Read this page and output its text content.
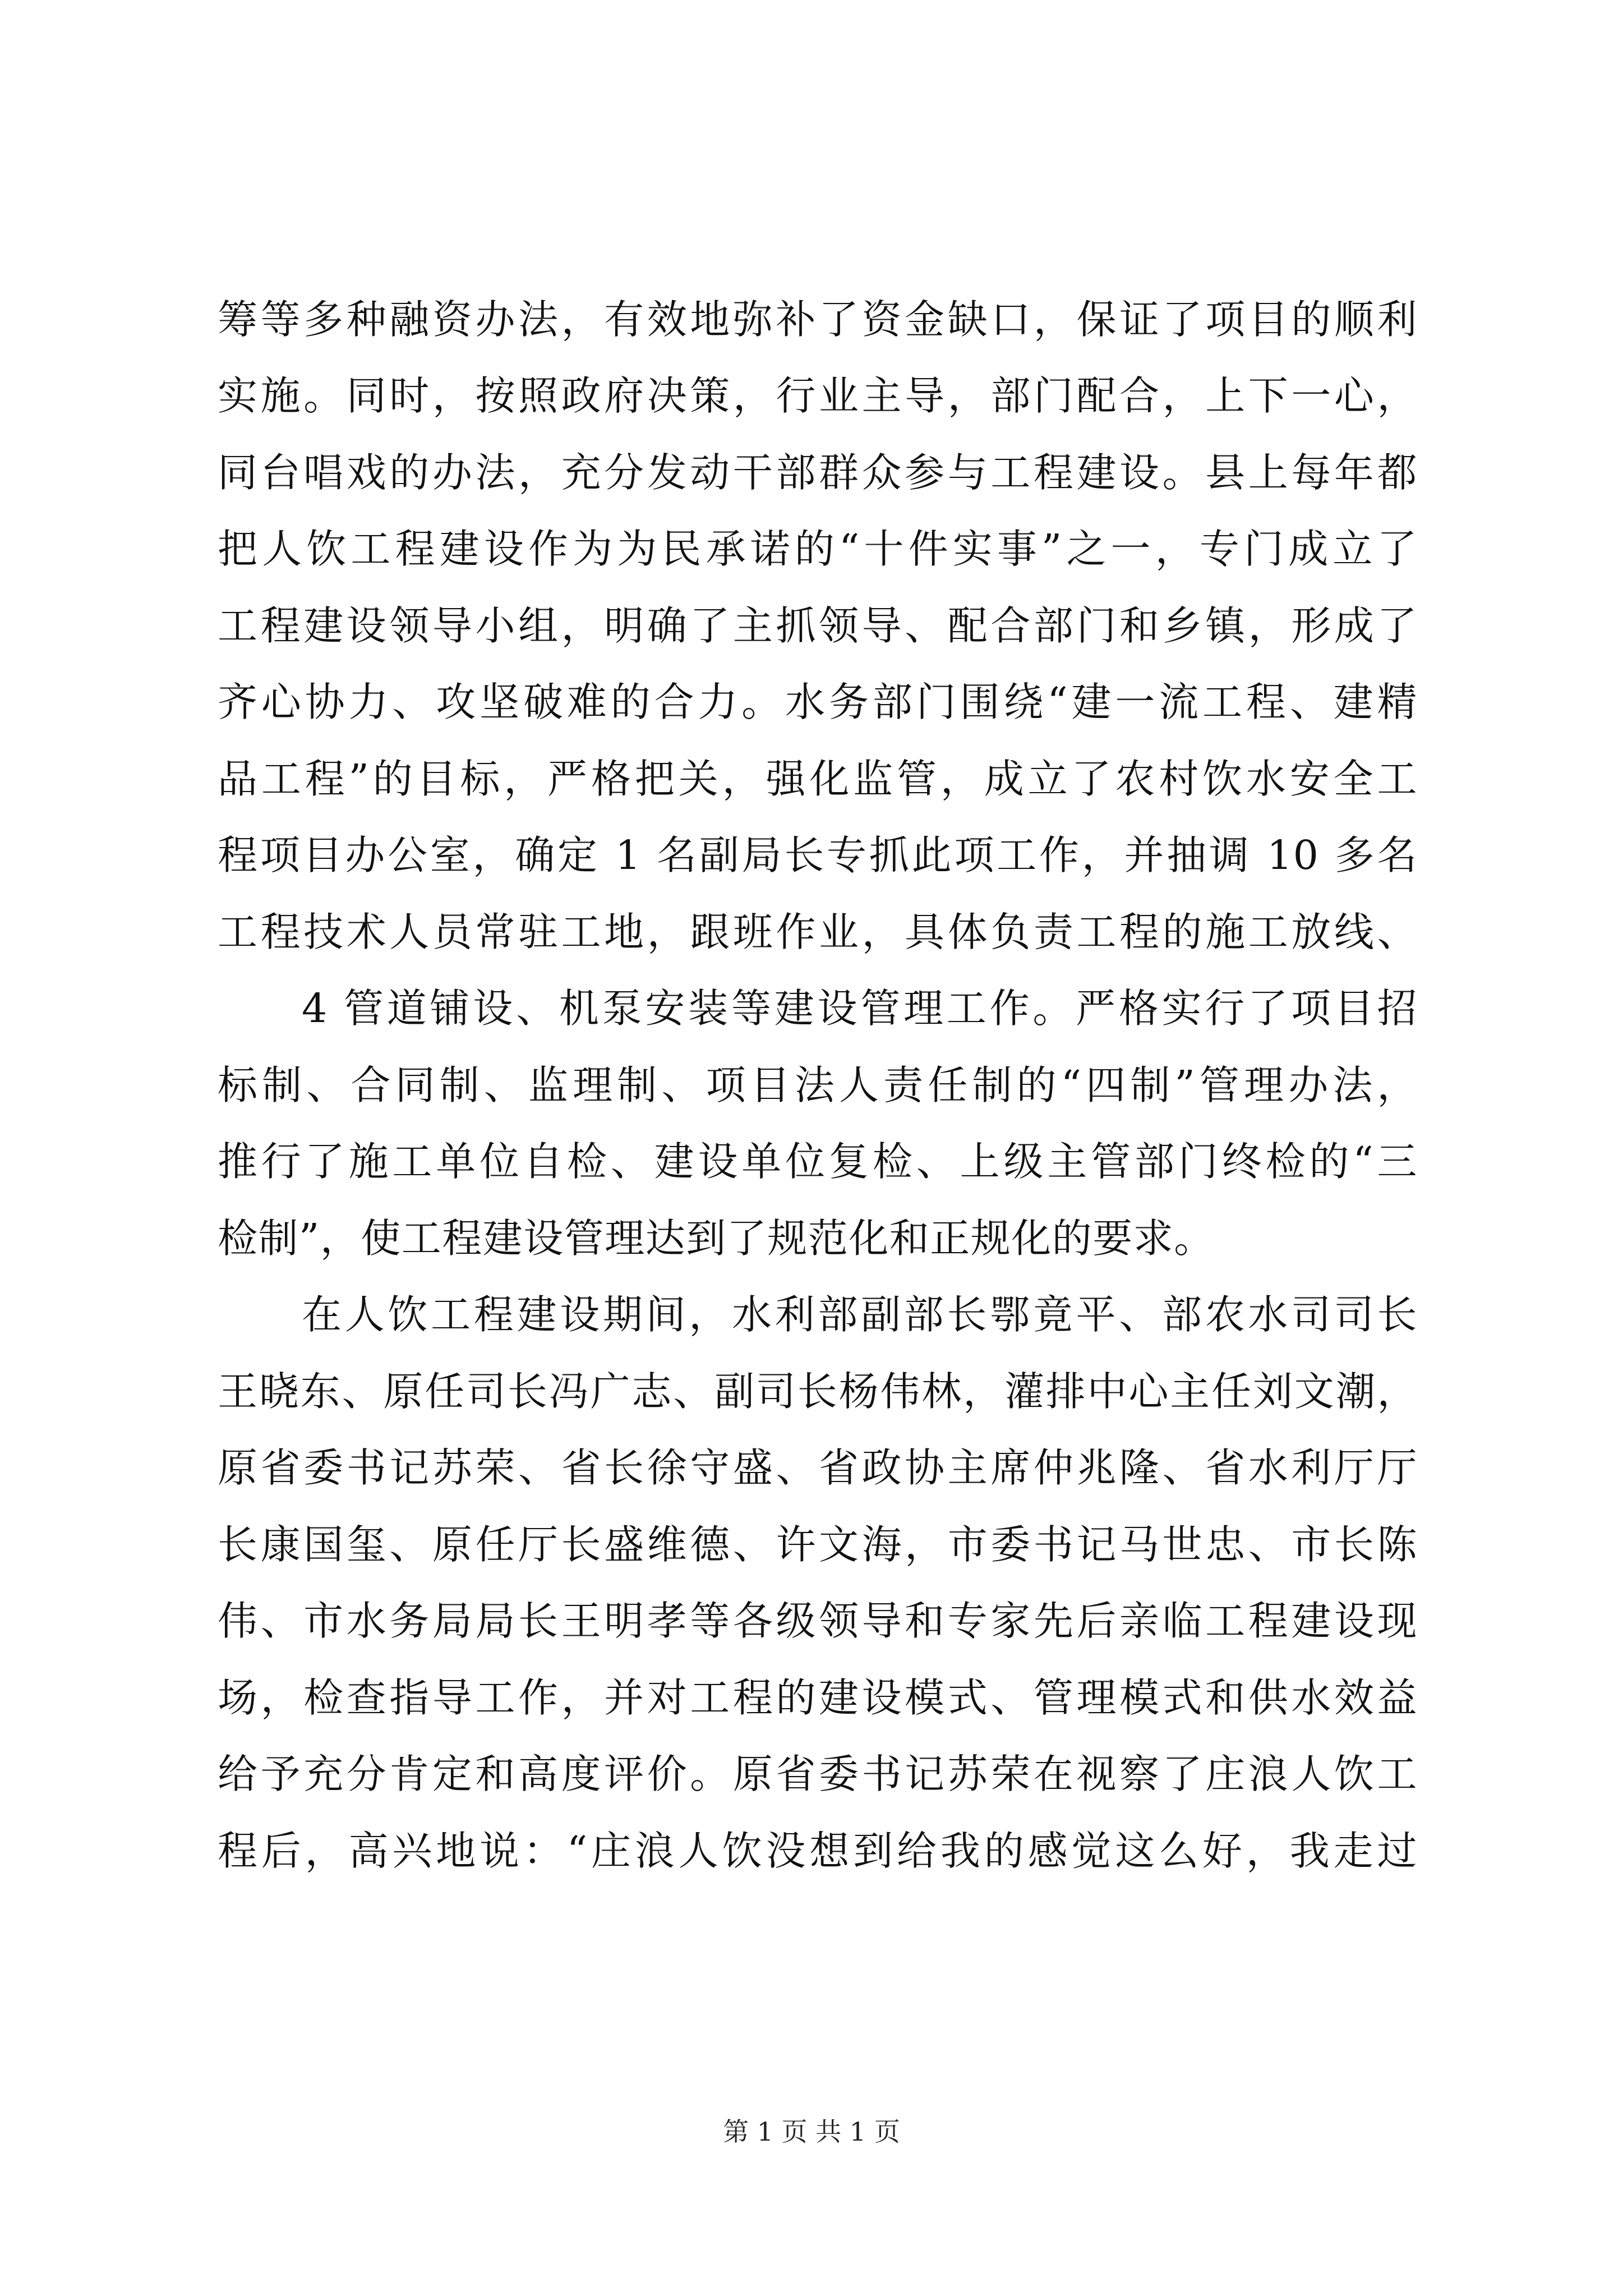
筹等多种融资办法，有效地弥补了资金缺口，保证了项目的顺利
实施。同时，按照政府决策，行业主导，部门配合，上下一心，
同台唱戏的办法，充分发动干部群众参与工程建设。县上每年都
把人饮工程建设作为为民承诺的“十件实事”之一，专门成立了
工程建设领导小组，明确了主抓领导、配合部门和乡镇，形成了
齐心协力、攻坚破难的合力。水务部门围绕“建一流工程、建精
品工程”的目标，严格把关，强化监管，成立了农村饮水安全工
程项目办公室，确定 1 名副局长专抓此项工作，并抽调 10 多名
工程技术人员常驻工地，跟班作业，具体负责工程的施工放线、
4 管道铺设、机泵安装等建设管理工作。严格实行了项目招
标制、合同制、监理制、项目法人责任制的“四制”管理办法，
推行了施工单位自检、建设单位复检、上级主管部门终检的“三
检制”，使工程建设管理达到了规范化和正规化的要求。
在人饮工程建设期间，水利部副部长鄂竟平、部农水司司长
王晓东、原任司长冯广志、副司长杨伟林，灌排中心主任刘文潮，
原省委书记苏荣、省长徐守盛、省政协主席仲兆隆、省水利厅厅
长康国玺、原任厅长盛维德、许文海，市委书记马世忠、市长陈
伟、市水务局局长王明孝等各级领导和专家先后亲临工程建设现
场，检查指导工作，并对工程的建设模式、管理模式和供水效益
给予充分肯定和高度评价。原省委书记苏荣在视察了庄浪人饮工
程后，高兴地说：“庄浪人饮没想到给我的感觉这么好，我走过
第 1 页 共 1 页
